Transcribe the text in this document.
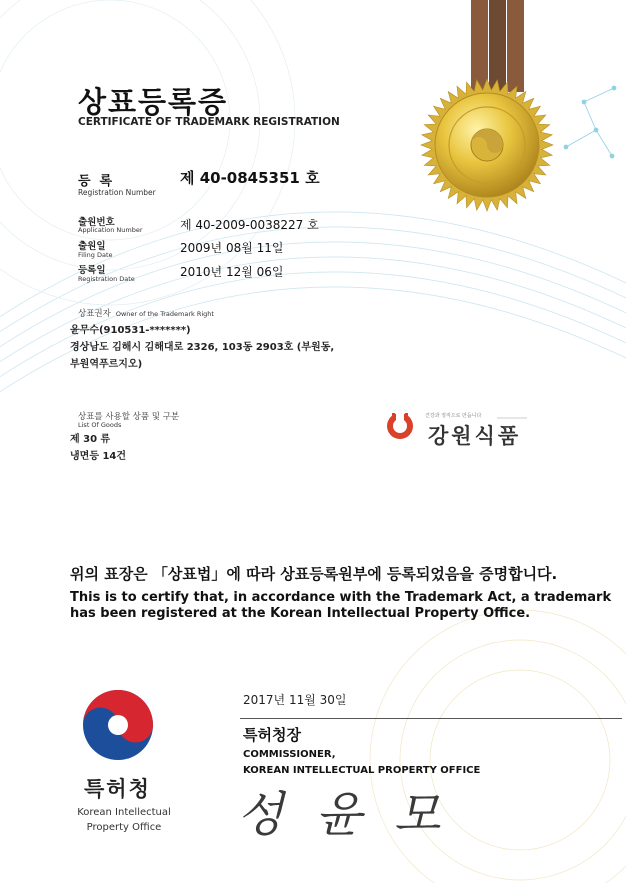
상표등록증
CERTIFICATE OF TRADEMARK REGISTRATION
등록
Registration Number
제 40-0845351 호
출원번호
Application Number	제 40-2009-0038227 호
출원일
Filing Date	2009년 08월 11일
등록일
Registration Date	2010년 12월 06일
상표권자 Owner of the Trademark Right
윤무수(910531-*******)
경상남도 김해시 김해대로 2326, 103동 2903호 (부원동,
부원역푸르지오)
상표를 사용할 상품 및 구분
List Of Goods
제 30 류
냉면등 14건
건강과 정직으로 만듭니다
강원식품
위의 표장은 「상표법」에 따라 상표등록원부에 등록되었음을 증명합니다.
This is to certify that, in accordance with the Trademark Act, a trademark
has been registered at the Korean Intellectual Property Office.
2017년 11월 30일
특허청장
COMMISSIONER,
KOREAN INTELLECTUAL PROPERTY OFFICE
성윤모
특허청
Korean Intellectual
Property Office
